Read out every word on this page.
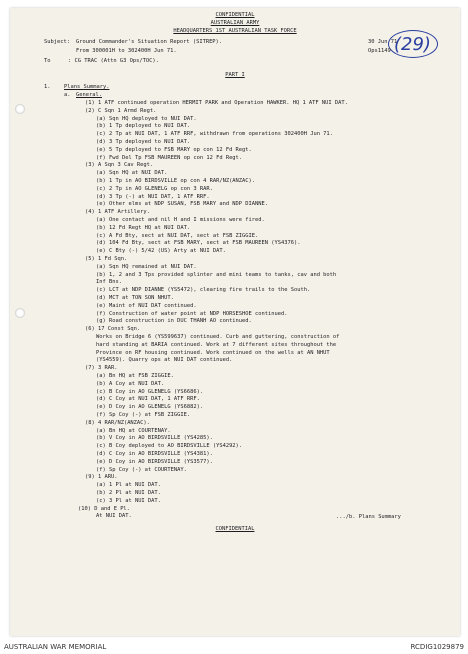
CONFIDENTIAL
AUSTRALIAN ARMY
HEADQUARTERS 1ST AUSTRALIAN TASK FORCE
(29)
Subject: Ground Commander's Situation Report (SITREP).	30 Jun 71
From 300001H to 302400H Jun 71.	Ops1149
To	: CG TRAC (Attn G3 Ops/TOC).
PART I
1.	Plans Summary.
a. General.
(1) 1 ATF continued operation HERMIT PARK and Operation HAWKER. HQ 1 ATF NUI DAT.
(2) C Sqn 1 Armd Regt.
(a) Sqn HQ deployed to NUI DAT.
(b) 1 Tp deployed to NUI DAT.
(c) 2 Tp at NUI DAT, 1 ATF RRF, withdrawn from operations 302400H Jun 71.
(d) 3 Tp deployed to NUI DAT.
(e) 5 Tp deployed to FSB MARY op con 12 Fd Regt.
(f) Fwd Del Tp FSB MAUREEN op con 12 Fd Regt.
(3) A Sqn 3 Cav Regt.
(a) Sqn HQ at NUI DAT.
(b) 1 Tp in AO BIRDSVILLE op con 4 RAR/NZ(ANZAC).
(c) 2 Tp in AO GLENELG op con 3 RAR.
(d) 3 Tp (-) at NUI DAT, 1 ATF RRF.
(e) Other elms at NDP SUSAN, FSB MARY and NDP DIANNE.
(4) 1 ATF Artillery.
(a) One contact and nil H and I missions were fired.
(b) 12 Fd Regt HQ at NUI DAT.
(c) A Fd Bty, sect at NUI DAT, sect at FSB ZIGGIE.
(d) 104 Fd Bty, sect at FSB MARY, sect at FSB MAUREEN (YS4376).
(e) C Bty (-) 5/42 (US) Arty at NUI DAT.
(5) 1 Fd Sqn.
(a) Sqn HQ remained at NUI DAT.
(b) 1, 2 and 3 Tps provided splinter and mini teams to tanks, cav and both
Inf Bns.
(c) LCT at NDP DIANNE (YS5472), clearing fire trails to the South.
(d) MCT at TON SON NHUT.
(e) Maint of NUI DAT continued.
(f) Construction of water point at NDP HORSESHOE continued.
(g) Road construction in DUC THANH AO continued.
(6) 17 Const Sqn.
Works on Bridge 6 (YS599637) continued. Curb and guttering, construction of
hard standing at BARIA continued. Work at 7 different sites throughout the
Province on RF housing continued. Work continued on the wells at AN NHUT
(YS4559). Quarry ops at NUI DAT continued.
(7) 3 RAR.
(a) Bn HQ at FSB ZIGGIE.
(b) A Coy at NUI DAT.
(c) B Coy in AO GLENELG (YS6686).
(d) C Coy at NUI DAT, 1 ATF RRF.
(e) D Coy in AO GLENELG (YS6882).
(f) Sp Coy (-) at FSB ZIGGIE.
(8) 4 RAR/NZ(ANZAC).
(a) Bn HQ at COURTENAY.
(b) V Coy in AO BIRDSVILLE (YS4285).
(c) B Coy deployed to AO BIRDSVILLE (YS4292).
(d) C Coy in AO BIRDSVILLE (YS4381).
(e) D Coy in AO BIRDSVILLE (YS3577).
(f) Sp Coy (-) at COURTENAY.
(9) 1 ARU.
(a) 1 Pl at NUI DAT.
(b) 2 Pl at NUI DAT.
(c) 3 Pl at NUI DAT.
(10) D and E Pl.
At NUI DAT.	.../b. Plans Summary
CONFIDENTIAL
AUSTRALIAN WAR MEMORIAL	RCDIG1029879
